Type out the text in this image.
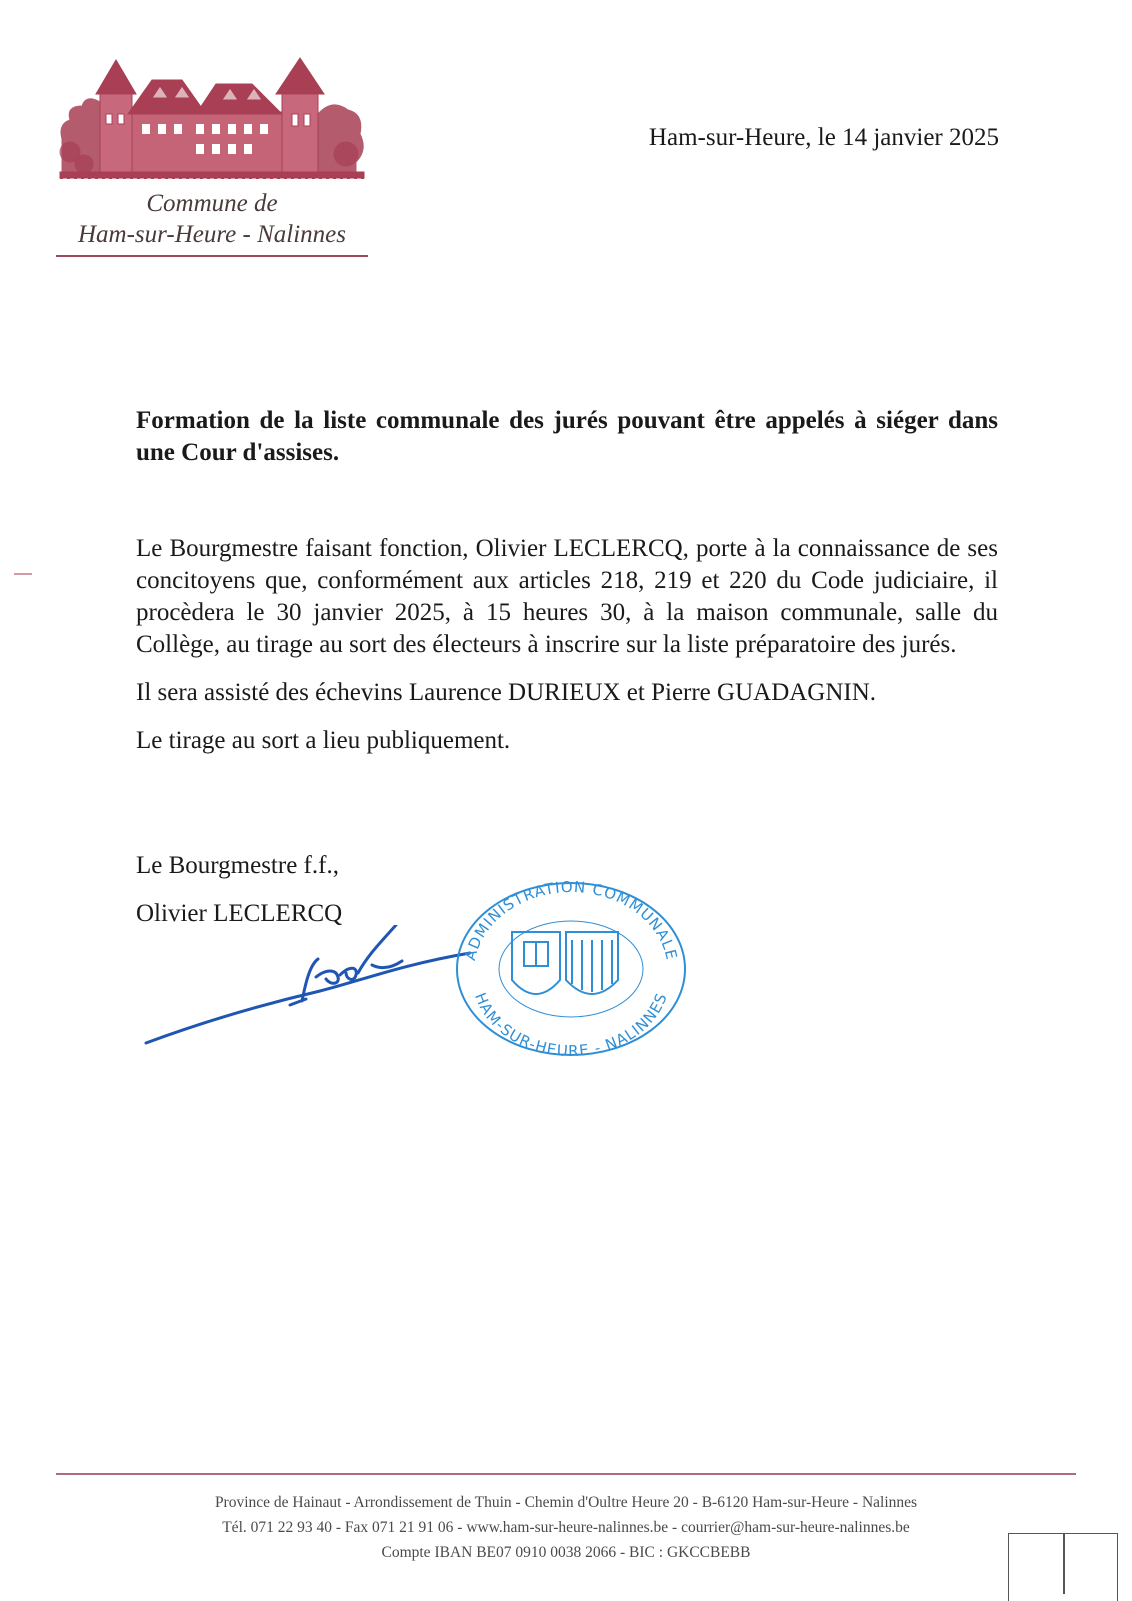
Commune de
Ham-sur-Heure - Nalinnes
Ham-sur-Heure, le 14 janvier 2025
Formation de la liste communale des jurés pouvant être appelés à siéger dans une Cour d'assises.

Le Bourgmestre faisant fonction, Olivier LECLERCQ, porte à la connaissance de ses concitoyens que, conformément aux articles 218, 219 et 220 du Code judiciaire, il procèdera le 30 janvier 2025, à 15 heures 30, à la maison communale, salle du Collège, au tirage au sort des électeurs à inscrire sur la liste préparatoire des jurés.

Il sera assisté des échevins Laurence DURIEUX et Pierre GUADAGNIN.

Le tirage au sort a lieu publiquement.

Le Bourgmestre f.f.,
Olivier LECLERCQ
ADMINISTRATION COMMUNALE
HAM-SUR-HEURE - NALINNES
Province de Hainaut - Arrondissement de Thuin - Chemin d'Oultre Heure 20 - B-6120 Ham-sur-Heure - Nalinnes
Tél. 071 22 93 40 - Fax 071 21 91 06 - www.ham-sur-heure-nalinnes.be - courrier@ham-sur-heure-nalinnes.be
Compte IBAN BE07 0910 0038 2066 - BIC : GKCCBEBB
